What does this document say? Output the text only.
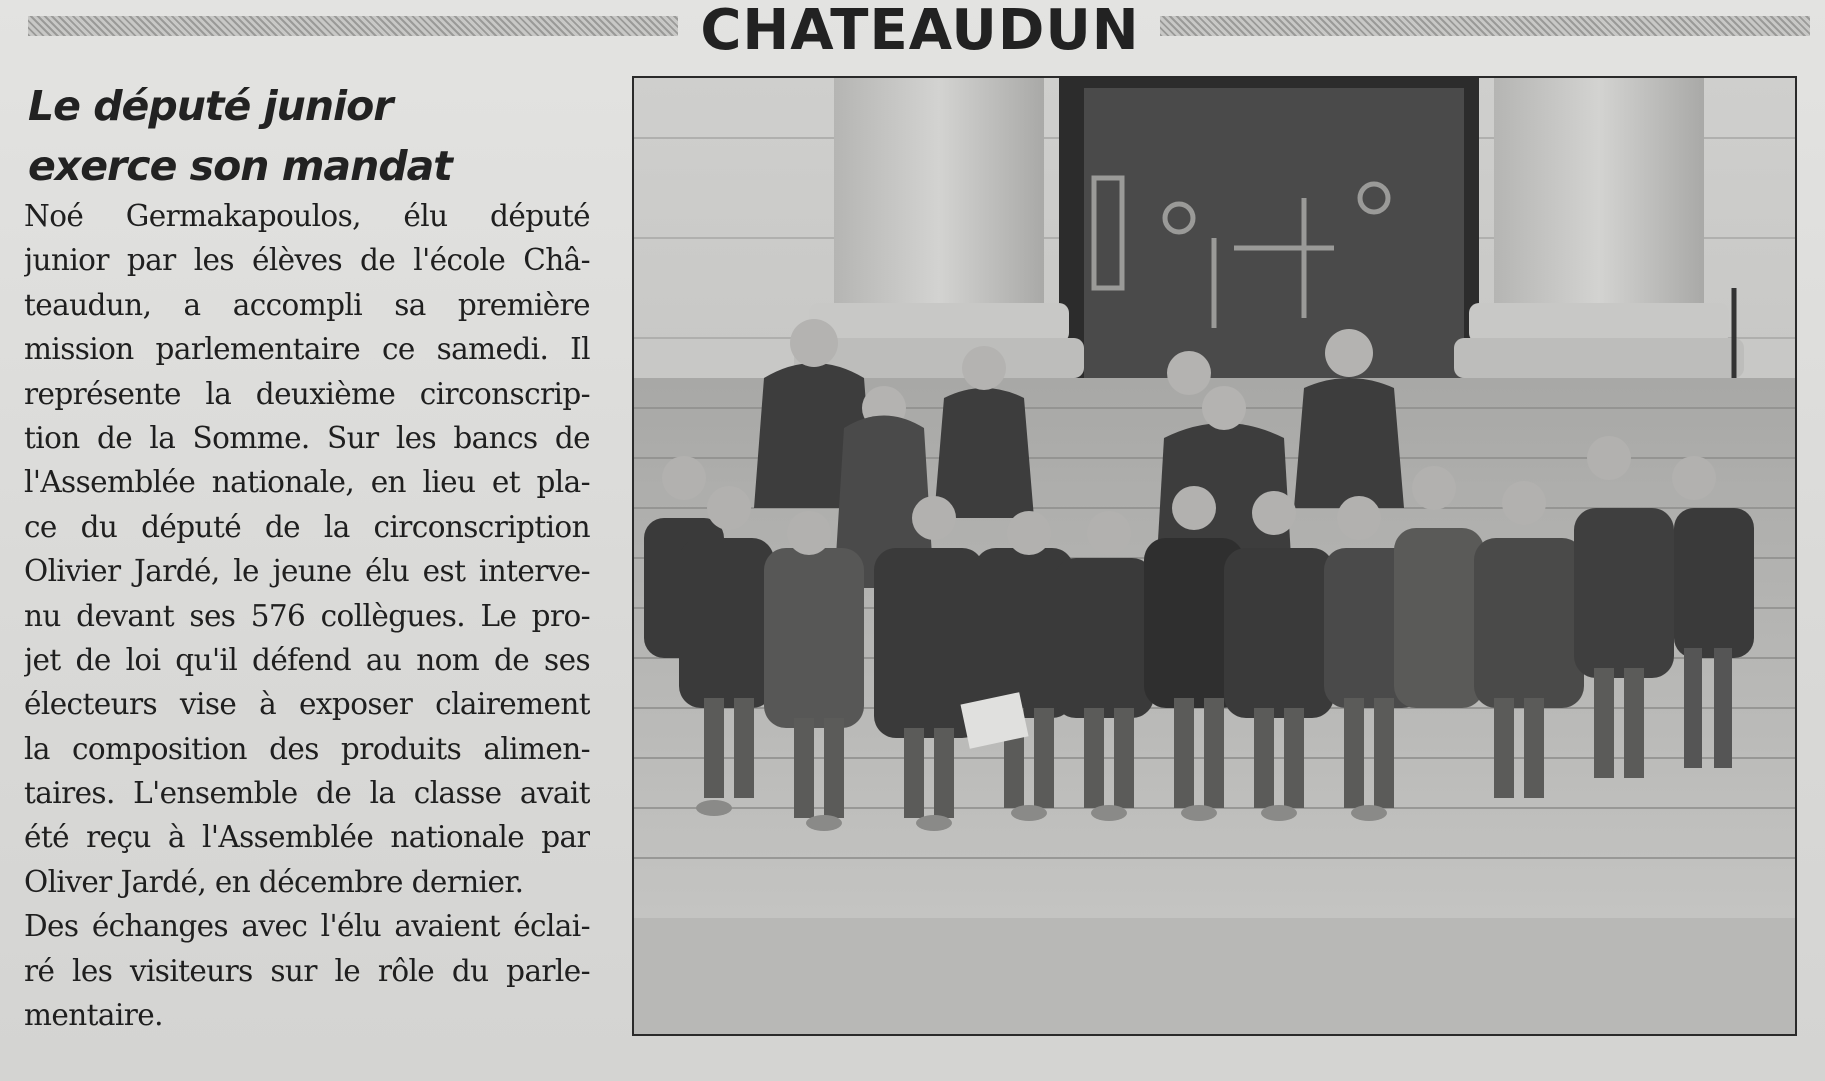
CHATEAUDUN
Le député junior
exerce son mandat
Noé Germakapoulos, élu député
junior par les élèves de l'école Châ-
teaudun, a accompli sa première
mission parlementaire ce samedi. Il
représente la deuxième circonscrip-
tion de la Somme. Sur les bancs de
l'Assemblée nationale, en lieu et pla-
ce du député de la circonscription
Olivier Jardé, le jeune élu est interve-
nu devant ses 576 collègues. Le pro-
jet de loi qu'il défend au nom de ses
électeurs vise à exposer clairement
la composition des produits alimen-
taires. L'ensemble de la classe avait
été reçu à l'Assemblée nationale par
Oliver Jardé, en décembre dernier.
Des échanges avec l'élu avaient éclai-
ré les visiteurs sur le rôle du parle-
mentaire.
